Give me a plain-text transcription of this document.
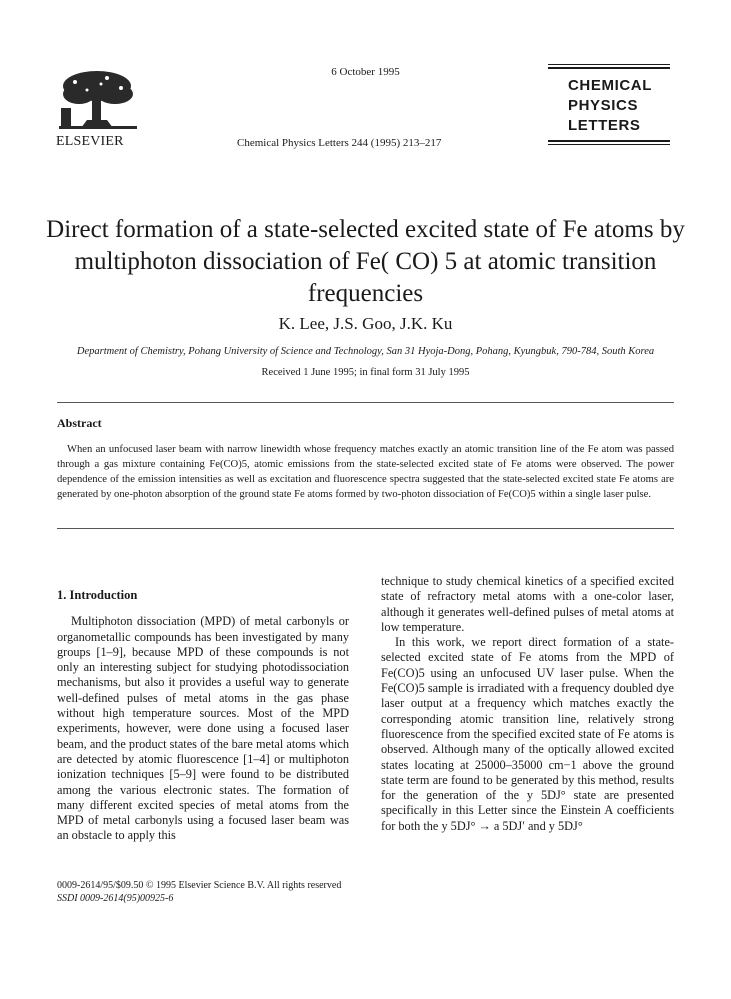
ELSEVIER
6 October 1995
Chemical Physics Letters 244 (1995) 213–217
CHEMICAL
PHYSICS
LETTERS
Direct formation of a state-selected excited state of Fe atoms by multiphoton dissociation of Fe( CO) 5 at atomic transition frequencies
K. Lee, J.S. Goo, J.K. Ku
Department of Chemistry, Pohang University of Science and Technology, San 31 Hyoja-Dong, Pohang, Kyungbuk, 790-784, South Korea
Received 1 June 1995; in final form 31 July 1995
Abstract
When an unfocused laser beam with narrow linewidth whose frequency matches exactly an atomic transition line of the Fe atom was passed through a gas mixture containing Fe(CO)5, atomic emissions from the state-selected excited state of Fe atoms were observed. The power dependence of the emission intensities as well as excitation and fluorescence spectra suggested that the state-selected excited state Fe atoms are generated by one-photon absorption of the ground state Fe atoms formed by two-photon dissociation of Fe(CO)5 within a single laser pulse.
1. Introduction

Multiphoton dissociation (MPD) of metal carbonyls or organometallic compounds has been investigated by many groups [1–9], because MPD of these compounds is not only an interesting subject for studying photodissociation mechanisms, but also it provides a useful way to generate well-defined pulses of metal atoms in the gas phase without high temperature sources. Most of the MPD experiments, however, were done using a focused laser beam, and the product states of the bare metal atoms which are detected by atomic fluorescence [1–4] or multiphoton ionization techniques [5–9] were found to be distributed among the various electronic states. The formation of many different excited species of metal atoms from the MPD of metal carbonyls using a focused laser beam was an obstacle to apply this

technique to study chemical kinetics of a specified excited state of refractory metal atoms with a one-color laser, although it generates well-defined pulses of metal atoms at low temperature.

In this work, we report direct formation of a state-selected excited state of Fe atoms from the MPD of Fe(CO)5 using an unfocused UV laser pulse. When the Fe(CO)5 sample is irradiated with a frequency doubled dye laser output at a frequency which matches exactly the corresponding atomic transition line, relatively strong fluorescence from the specified excited state of Fe atoms is observed. Although many of the optically allowed excited states locating at 25000–35000 cm−1 above the ground state term are found to be generated by this method, results for the generation of the y 5DJ° state are presented specifically in this Letter since the Einstein A coefficients for both the y 5DJ° → a 5DJ′ and y 5DJ°

0009-2614/95/$09.50 © 1995 Elsevier Science B.V. All rights reserved
SSDI 0009-2614(95)00925-6
